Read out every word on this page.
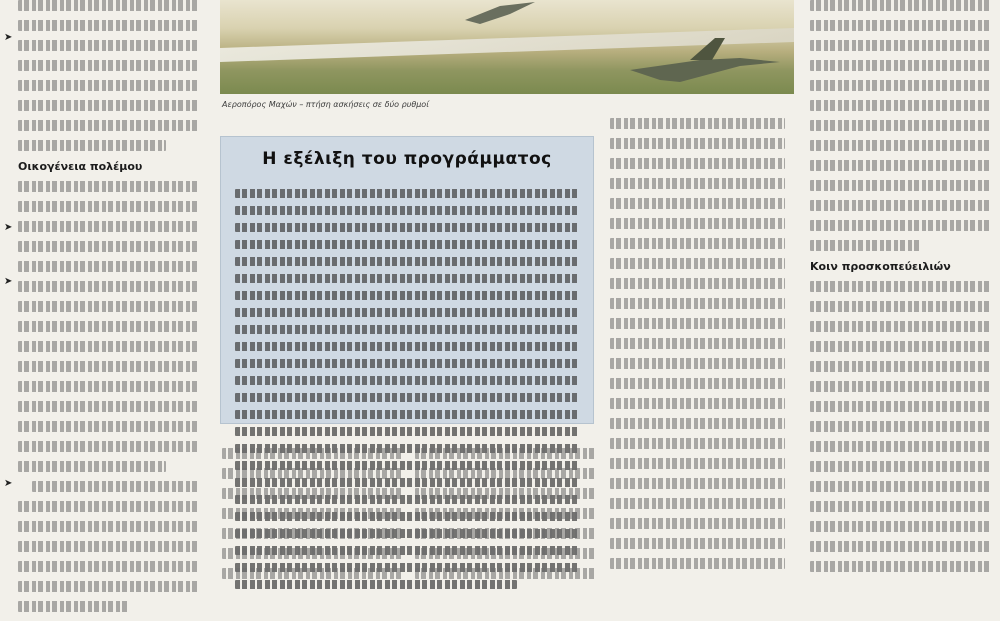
Οικογένεια πολέμου
➤
➤
➤
➤
Αεροπόρος Μαχών – πτήση ασκήσεις σε δύο ρυθμοί
Η εξέλιξη του προγράμματος
Κοιν προσκοπεύειλιών
